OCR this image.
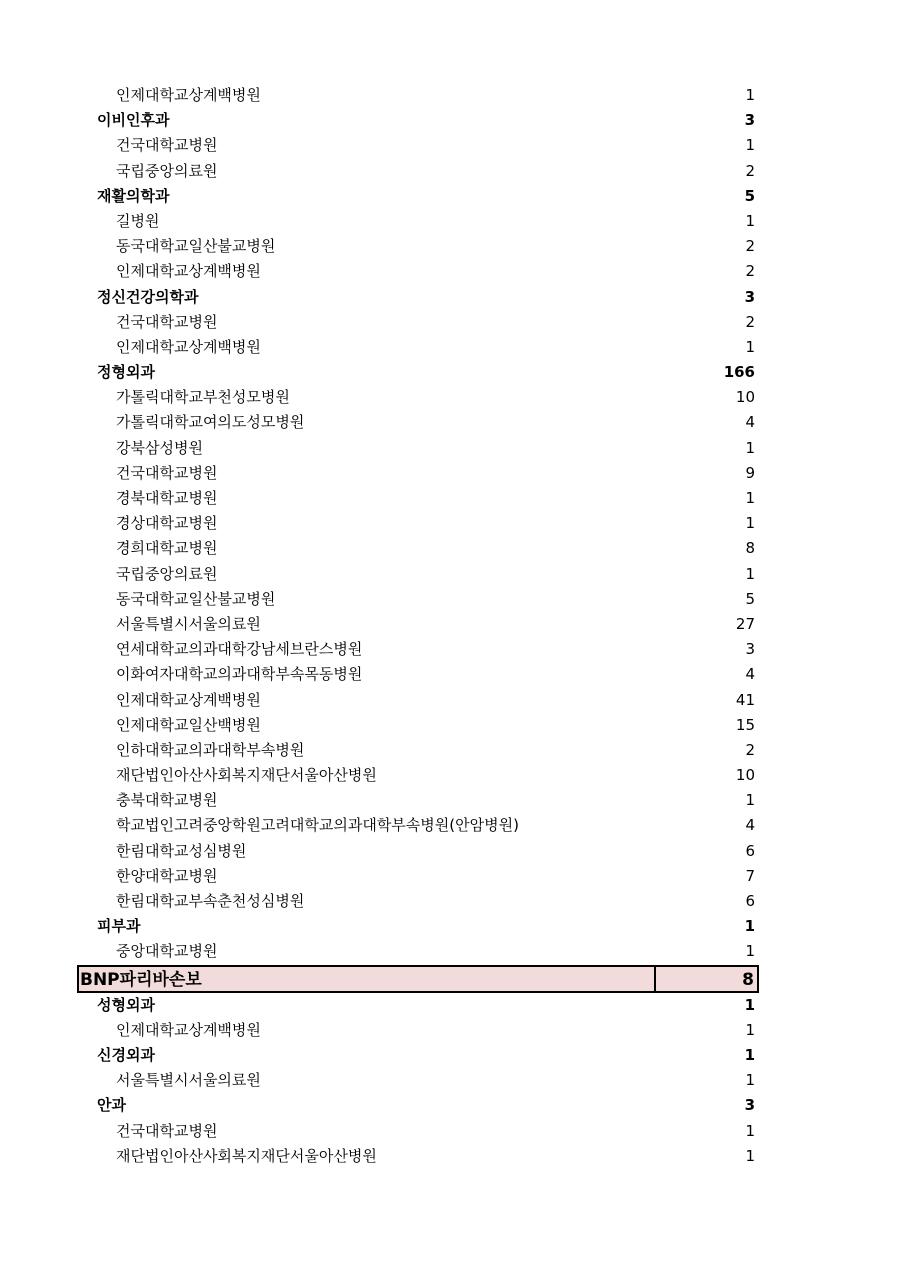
인제대학교상계백병원	1
이비인후과	3
건국대학교병원	1
국립중앙의료원	2
재활의학과	5
길병원	1
동국대학교일산불교병원	2
인제대학교상계백병원	2
정신건강의학과	3
건국대학교병원	2
인제대학교상계백병원	1
정형외과	166
가톨릭대학교부천성모병원	10
가톨릭대학교여의도성모병원	4
강북삼성병원	1
건국대학교병원	9
경북대학교병원	1
경상대학교병원	1
경희대학교병원	8
국립중앙의료원	1
동국대학교일산불교병원	5
서울특별시서울의료원	27
연세대학교의과대학강남세브란스병원	3
이화여자대학교의과대학부속목동병원	4
인제대학교상계백병원	41
인제대학교일산백병원	15
인하대학교의과대학부속병원	2
재단법인아산사회복지재단서울아산병원	10
충북대학교병원	1
학교법인고려중앙학원고려대학교의과대학부속병원(안암병원)	4
한림대학교성심병원	6
한양대학교병원	7
한림대학교부속춘천성심병원	6
피부과	1
중앙대학교병원	1
BNP파리바손보	8
성형외과	1
인제대학교상계백병원	1
신경외과	1
서울특별시서울의료원	1
안과	3
건국대학교병원	1
재단법인아산사회복지재단서울아산병원	1
